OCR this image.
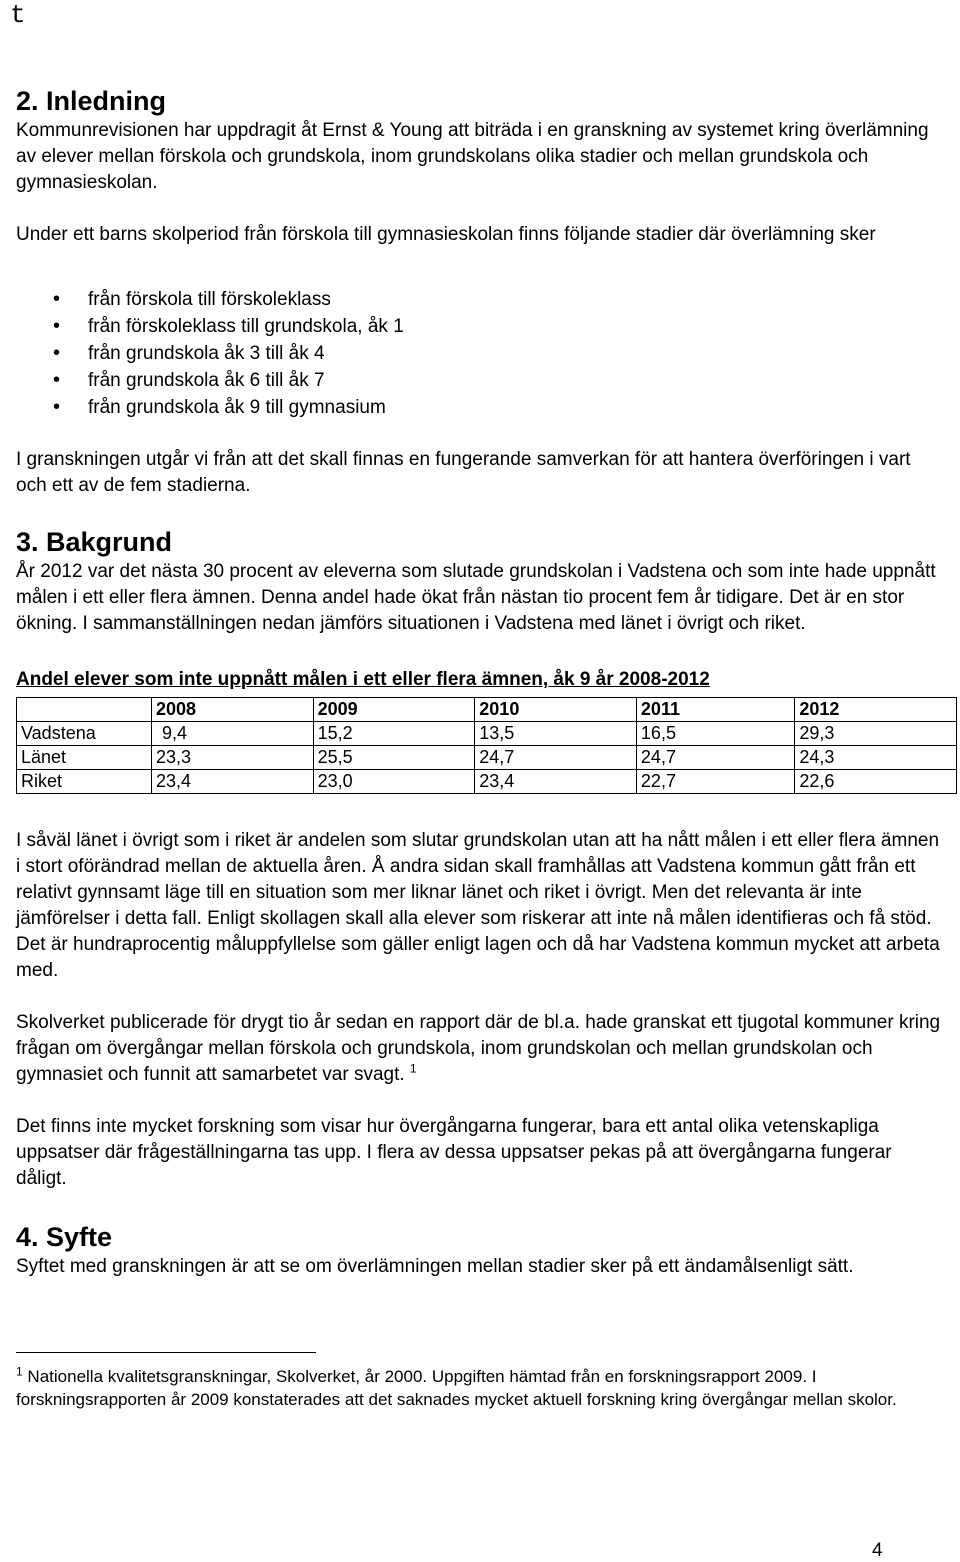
t
2. Inledning

Kommunrevisionen har uppdragit åt Ernst & Young att biträda i en granskning av systemet kring överlämning av elever mellan förskola och grundskola, inom grundskolans olika stadier och mellan grundskola och gymnasieskolan.

Under ett barns skolperiod från förskola till gymnasieskolan finns följande stadier där överlämning sker

• från förskola till förskoleklass
• från förskoleklass till grundskola, åk 1
• från grundskola åk 3 till åk 4
• från grundskola åk 6 till åk 7
• från grundskola åk 9 till gymnasium

I granskningen utgår vi från att det skall finnas en fungerande samverkan för att hantera överföringen i vart och ett av de fem stadierna.

3. Bakgrund

År 2012 var det nästa 30 procent av eleverna som slutade grundskolan i Vadstena och som inte hade uppnått målen i ett eller flera ämnen. Denna andel hade ökat från nästan tio procent fem år tidigare. Det är en stor ökning. I sammanställningen nedan jämförs situationen i Vadstena med länet i övrigt och riket.

Andel elever som inte uppnått målen i ett eller flera ämnen, åk 9 år 2008-2012

	2008	2009	2010	2011	2012
Vadstena	9,4	15,2	13,5	16,5	29,3
Länet	23,3	25,5	24,7	24,7	24,3
Riket	23,4	23,0	23,4	22,7	22,6

I såväl länet i övrigt som i riket är andelen som slutar grundskolan utan att ha nått målen i ett eller flera ämnen i stort oförändrad mellan de aktuella åren. Å andra sidan skall framhållas att Vadstena kommun gått från ett relativt gynnsamt läge till en situation som mer liknar länet och riket i övrigt. Men det relevanta är inte jämförelser i detta fall. Enligt skollagen skall alla elever som riskerar att inte nå målen identifieras och få stöd. Det är hundraprocentig måluppfyllelse som gäller enligt lagen och då har Vadstena kommun mycket att arbeta med.

Skolverket publicerade för drygt tio år sedan en rapport där de bl.a. hade granskat ett tjugotal kommuner kring frågan om övergångar mellan förskola och grundskola, inom grundskolan och mellan grundskolan och gymnasiet och funnit att samarbetet var svagt. $^1$

Det finns inte mycket forskning som visar hur övergångarna fungerar, bara ett antal olika vetenskapliga uppsatser där frågeställningarna tas upp. I flera av dessa uppsatser pekas på att övergångarna fungerar dåligt.

4. Syfte

Syftet med granskningen är att se om överlämningen mellan stadier sker på ett ändamålsenligt sätt.

$^1$ Nationella kvalitetsgranskningar, Skolverket, år 2000. Uppgiften hämtad från en forskningsrapport 2009. I forskningsrapporten år 2009 konstaterades att det saknades mycket aktuell forskning kring övergångar mellan skolor.

4
